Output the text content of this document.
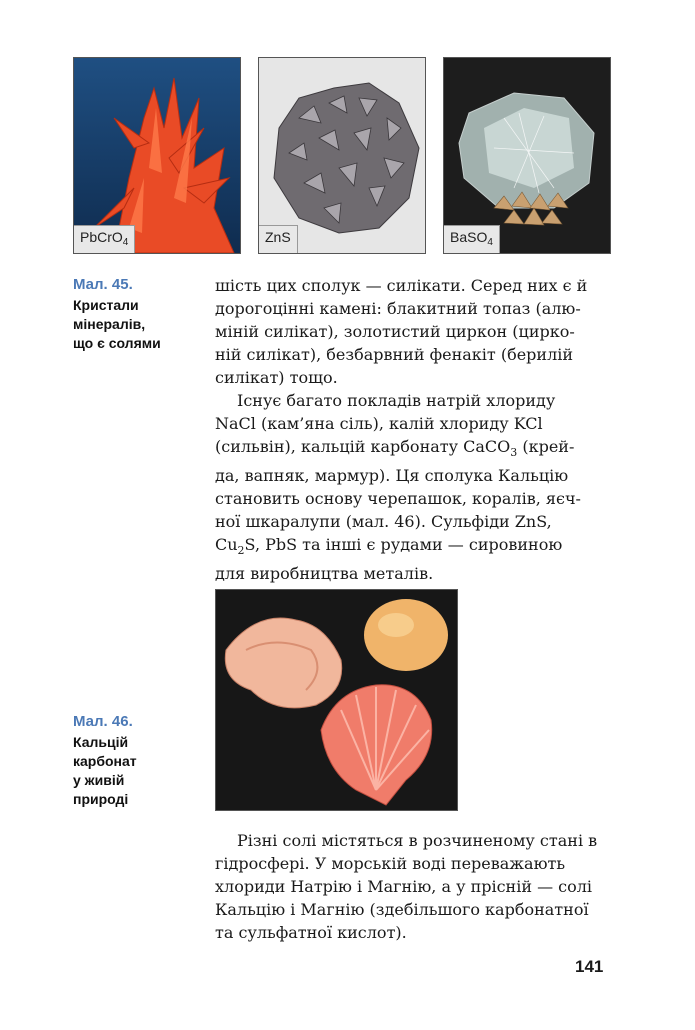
PbCrO$_4$	ZnS	BaSO$_4$
Мал. 45.
Кристали
мінералів,
що є солями

шість цих сполук — силікати. Серед них є й
дорогоцінні камені: блакитний топаз (алю-
міній силікат), золотистий циркон (цирко-
ній силікат), безбарвний фенакіт (берилій
силікат) тощо.

Існує багато покладів натрій хлориду
NaCl (кам’яна сіль), калій хлориду KCl
(сильвін), кальцій карбонату CaCO$_3$ (крей-
да, вапняк, мармур). Ця сполука Кальцію
становить основу черепашок, коралів, яєч-
ної шкаралупи (мал. 46). Сульфіди ZnS,
$Cu_2S$, PbS та інші є рудами — сировиною
для виробництва металів.

Мал. 46.
Кальцій
карбонат
у живій
природі

Різні солі містяться в розчиненому стані в
гідросфері. У морській воді переважають
хлориди Натрію і Магнію, а у прісній — солі
Кальцію і Магнію (здебільшого карбонатної
та сульфатної кислот).

141
